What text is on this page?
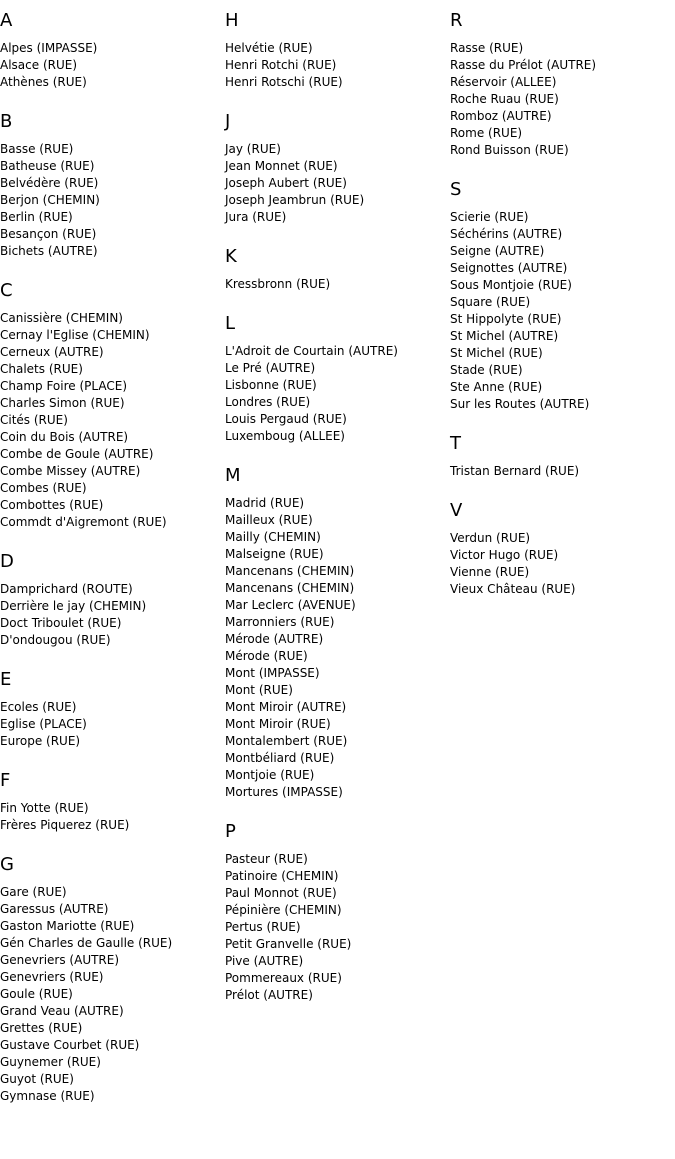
A
Alpes (IMPASSE)
Alsace (RUE)
Athènes (RUE)
B
Basse (RUE)
Batheuse (RUE)
Belvédère (RUE)
Berjon (CHEMIN)
Berlin (RUE)
Besançon (RUE)
Bichets (AUTRE)
C
Canissière (CHEMIN)
Cernay l'Eglise (CHEMIN)
Cerneux (AUTRE)
Chalets (RUE)
Champ Foire (PLACE)
Charles Simon (RUE)
Cités (RUE)
Coin du Bois (AUTRE)
Combe de Goule (AUTRE)
Combe Missey (AUTRE)
Combes (RUE)
Combottes (RUE)
Commdt d'Aigremont (RUE)
D
Damprichard (ROUTE)
Derrière le jay (CHEMIN)
Doct Triboulet (RUE)
D'ondougou (RUE)
E
Ecoles (RUE)
Eglise (PLACE)
Europe (RUE)
F
Fin Yotte (RUE)
Frères Piquerez (RUE)
G
Gare (RUE)
Garessus (AUTRE)
Gaston Mariotte (RUE)
Gén Charles de Gaulle (RUE)
Genevriers (AUTRE)
Genevriers (RUE)
Goule (RUE)
Grand Veau (AUTRE)
Grettes (RUE)
Gustave Courbet (RUE)
Guynemer (RUE)
Guyot (RUE)
Gymnase (RUE)
H
Helvétie (RUE)
Henri Rotchi (RUE)
Henri Rotschi (RUE)
J
Jay (RUE)
Jean Monnet (RUE)
Joseph Aubert (RUE)
Joseph Jeambrun (RUE)
Jura (RUE)
K
Kressbronn (RUE)
L
L'Adroit de Courtain (AUTRE)
Le Pré (AUTRE)
Lisbonne (RUE)
Londres (RUE)
Louis Pergaud (RUE)
Luxemboug (ALLEE)
M
Madrid (RUE)
Mailleux (RUE)
Mailly (CHEMIN)
Malseigne (RUE)
Mancenans (CHEMIN)
Mancenans (CHEMIN)
Mar Leclerc (AVENUE)
Marronniers (RUE)
Mérode (AUTRE)
Mérode (RUE)
Mont (IMPASSE)
Mont (RUE)
Mont Miroir (AUTRE)
Mont Miroir (RUE)
Montalembert (RUE)
Montbéliard (RUE)
Montjoie (RUE)
Mortures (IMPASSE)
P
Pasteur (RUE)
Patinoire (CHEMIN)
Paul Monnot (RUE)
Pépinière (CHEMIN)
Pertus (RUE)
Petit Granvelle (RUE)
Pive (AUTRE)
Pommereaux (RUE)
Prélot (AUTRE)
R
Rasse (RUE)
Rasse du Prélot (AUTRE)
Réservoir (ALLEE)
Roche Ruau (RUE)
Romboz (AUTRE)
Rome (RUE)
Rond Buisson (RUE)
S
Scierie (RUE)
Séchérins (AUTRE)
Seigne (AUTRE)
Seignottes (AUTRE)
Sous Montjoie (RUE)
Square (RUE)
St Hippolyte (RUE)
St Michel (AUTRE)
St Michel (RUE)
Stade (RUE)
Ste Anne (RUE)
Sur les Routes (AUTRE)
T
Tristan Bernard (RUE)
V
Verdun (RUE)
Victor Hugo (RUE)
Vienne (RUE)
Vieux Château (RUE)
